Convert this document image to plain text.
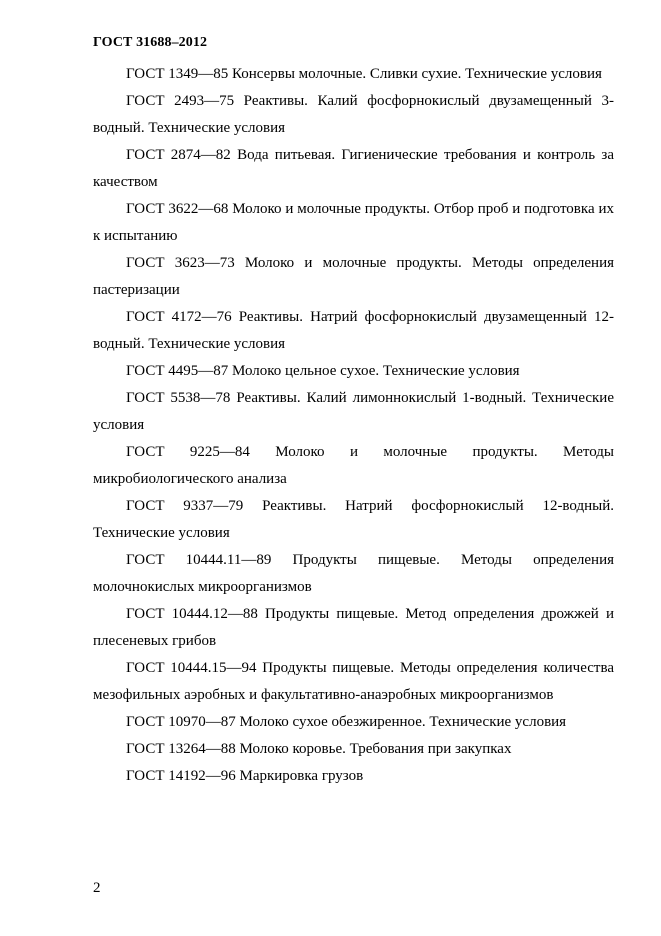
ГОСТ 31688–2012

ГОСТ 1349—85 Консервы молочные. Сливки сухие. Технические условия

ГОСТ 2493—75 Реактивы. Калий фосфорнокислый двузамещенный 3-водный. Технические условия

ГОСТ 2874—82 Вода питьевая. Гигиенические требования и контроль за качеством

ГОСТ 3622—68 Молоко и молочные продукты. Отбор проб и подготовка их к испытанию

ГОСТ 3623—73 Молоко и молочные продукты. Методы определения пастеризации

ГОСТ 4172—76 Реактивы. Натрий фосфорнокислый двузамещенный 12-водный. Технические условия

ГОСТ 4495—87 Молоко цельное сухое. Технические условия

ГОСТ 5538—78 Реактивы. Калий лимоннокислый 1-водный. Технические условия

ГОСТ 9225—84 Молоко и молочные продукты. Методы микробиологического анализа

ГОСТ 9337—79 Реактивы. Натрий фосфорнокислый 12-водный. Технические условия

ГОСТ 10444.11—89 Продукты пищевые. Методы определения молочнокислых микроорганизмов

ГОСТ 10444.12—88 Продукты пищевые. Метод определения дрожжей и плесеневых грибов

ГОСТ 10444.15—94 Продукты пищевые. Методы определения количества мезофильных аэробных и факультативно-анаэробных микроорганизмов

ГОСТ 10970—87 Молоко сухое обезжиренное. Технические условия

ГОСТ 13264—88 Молоко коровье. Требования при закупках

ГОСТ 14192—96 Маркировка грузов

2
